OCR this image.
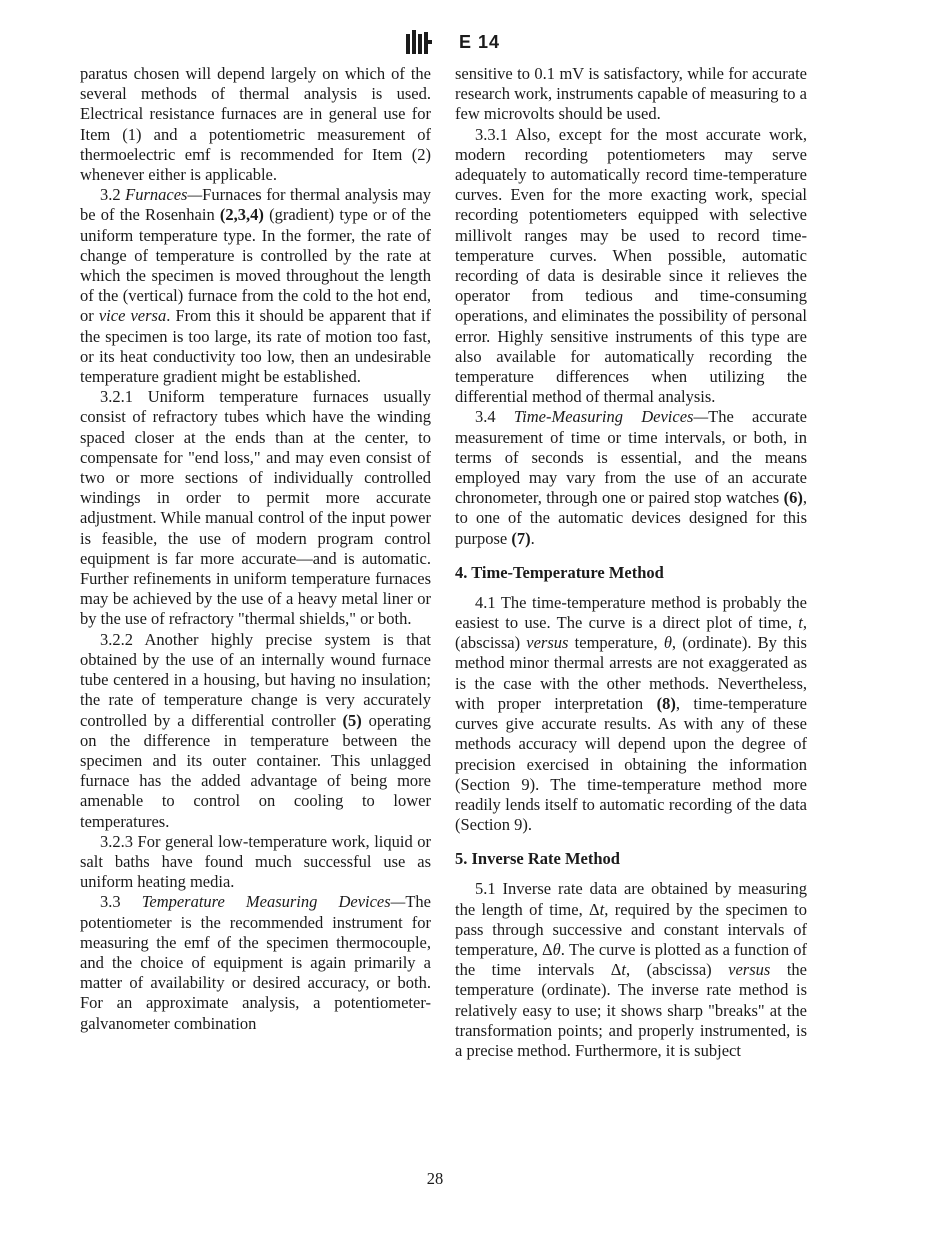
E 14

paratus chosen will depend largely on which of the several methods of thermal analysis is used. Electrical resistance furnaces are in general use for Item (1) and a potentiometric measurement of thermoelectric emf is recommended for Item (2) whenever either is applicable.

3.2 Furnaces—Furnaces for thermal analysis may be of the Rosenhain (2,3,4) (gradient) type or of the uniform temperature type. In the former, the rate of change of temperature is controlled by the rate at which the specimen is moved throughout the length of the (vertical) furnace from the cold to the hot end, or vice versa. From this it should be apparent that if the specimen is too large, its rate of motion too fast, or its heat conductivity too low, then an undesirable temperature gradient might be established.

3.2.1 Uniform temperature furnaces usually consist of refractory tubes which have the winding spaced closer at the ends than at the center, to compensate for "end loss," and may even consist of two or more sections of individually controlled windings in order to permit more accurate adjustment. While manual control of the input power is feasible, the use of modern program control equipment is far more accurate—and is automatic. Further refinements in uniform temperature furnaces may be achieved by the use of a heavy metal liner or by the use of refractory "thermal shields," or both.

3.2.2 Another highly precise system is that obtained by the use of an internally wound furnace tube centered in a housing, but having no insulation; the rate of temperature change is very accurately controlled by a differential controller (5) operating on the difference in temperature between the specimen and its outer container. This unlagged furnace has the added advantage of being more amenable to control on cooling to lower temperatures.

3.2.3 For general low-temperature work, liquid or salt baths have found much successful use as uniform heating media.

3.3 Temperature Measuring Devices—The potentiometer is the recommended instrument for measuring the emf of the specimen thermocouple, and the choice of equipment is again primarily a matter of availability or desired accuracy, or both. For an approximate analysis, a potentiometer-galvanometer combination

sensitive to 0.1 mV is satisfactory, while for accurate research work, instruments capable of measuring to a few microvolts should be used.

3.3.1 Also, except for the most accurate work, modern recording potentiometers may serve adequately to automatically record time-temperature curves. Even for the more exacting work, special recording potentiometers equipped with selective millivolt ranges may be used to record time-temperature curves. When possible, automatic recording of data is desirable since it relieves the operator from tedious and time-consuming operations, and eliminates the possibility of personal error. Highly sensitive instruments of this type are also available for automatically recording the temperature differences when utilizing the differential method of thermal analysis.

3.4 Time-Measuring Devices—The accurate measurement of time or time intervals, or both, in terms of seconds is essential, and the means employed may vary from the use of an accurate chronometer, through one or paired stop watches (6), to one of the automatic devices designed for this purpose (7).

4. Time-Temperature Method

4.1 The time-temperature method is probably the easiest to use. The curve is a direct plot of time, t, (abscissa) versus temperature, θ, (ordinate). By this method minor thermal arrests are not exaggerated as is the case with the other methods. Nevertheless, with proper interpretation (8), time-temperature curves give accurate results. As with any of these methods accuracy will depend upon the degree of precision exercised in obtaining the information (Section 9). The time-temperature method more readily lends itself to automatic recording of the data (Section 9).

5. Inverse Rate Method

5.1 Inverse rate data are obtained by measuring the length of time, Δt, required by the specimen to pass through successive and constant intervals of temperature, Δθ. The curve is plotted as a function of the time intervals Δt, (abscissa) versus the temperature (ordinate). The inverse rate method is relatively easy to use; it shows sharp "breaks" at the transformation points; and properly instrumented, is a precise method. Furthermore, it is subject

28
